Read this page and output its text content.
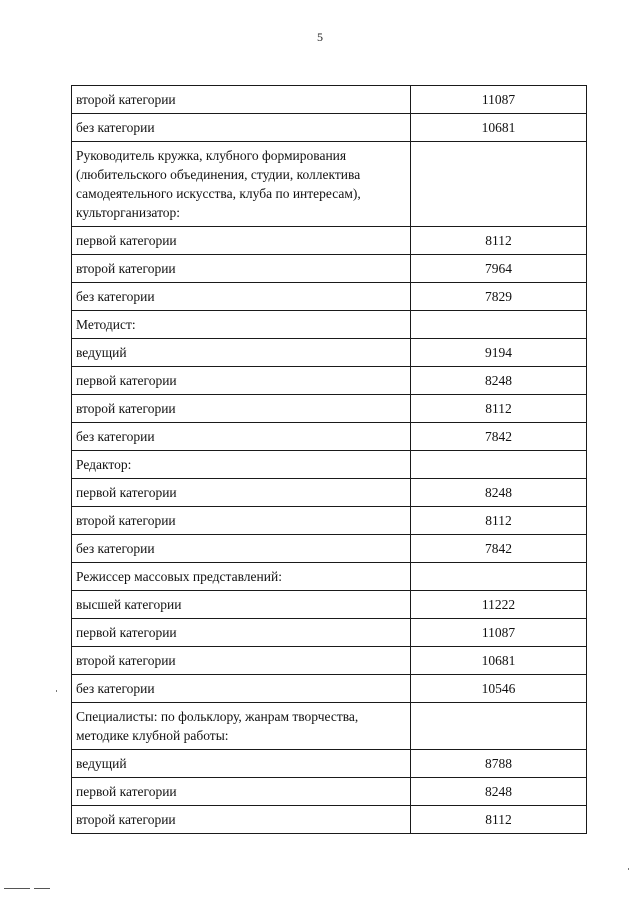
5
второй категории	11087
без категории	10681
Руководитель кружка, клубного формирования (любительского объединения, студии, коллектива самодеятельного искусства, клуба по интересам), культорганизатор:	
первой категории	8112
второй категории	7964
без категории	7829
Методист:	
ведущий	9194
первой категории	8248
второй категории	8112
без категории	7842
Редактор:	
первой категории	8248
второй категории	8112
без категории	7842
Режиссер массовых представлений:	
высшей категории	11222
первой категории	11087
второй категории	10681
без категории	10546
Специалисты: по фольклору, жанрам творчества, методике клубной работы:	
ведущий	8788
первой категории	8248
второй категории	8112
